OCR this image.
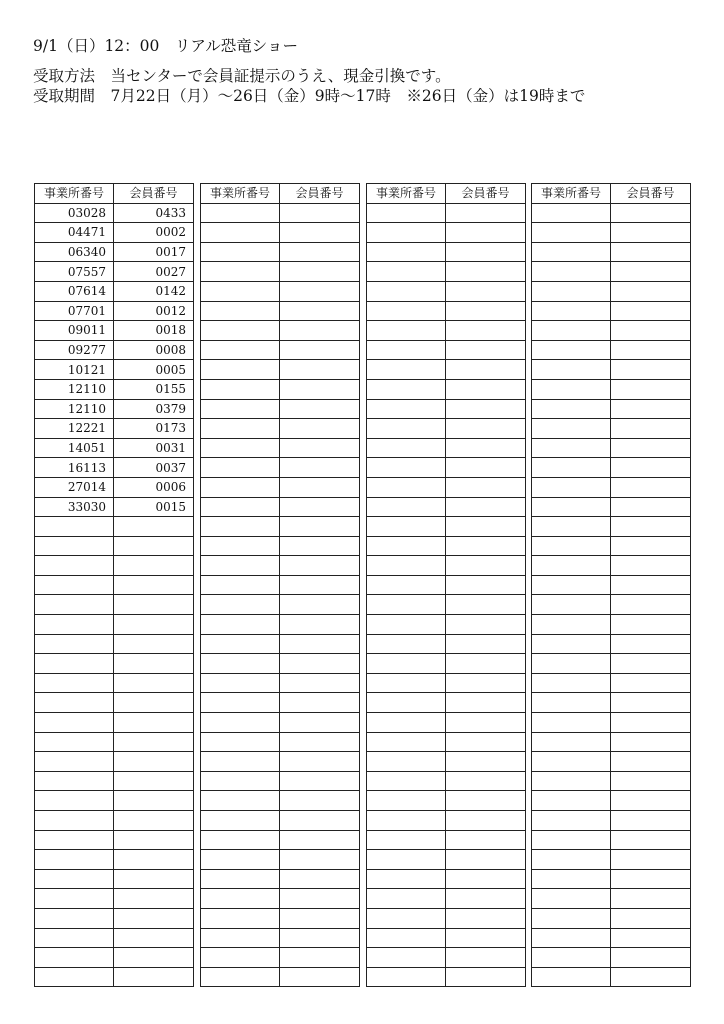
9/1（日）12：00　リアル恐竜ショー
受取方法　当センターで会員証提示のうえ、現金引換です。
受取期間　7月22日（月）～26日（金）9時～17時　※26日（金）は19時まで
事業所番号	会員番号
03028	0433
04471	0002
06340	0017
07557	0027
07614	0142
07701	0012
09011	0018
09277	0008
10121	0005
12110	0155
12110	0379
12221	0173
14051	0031
16113	0037
27014	0006
33030	0015

事業所番号	会員番号

		事業所番号	会員番号

		事業所番号	会員番号
